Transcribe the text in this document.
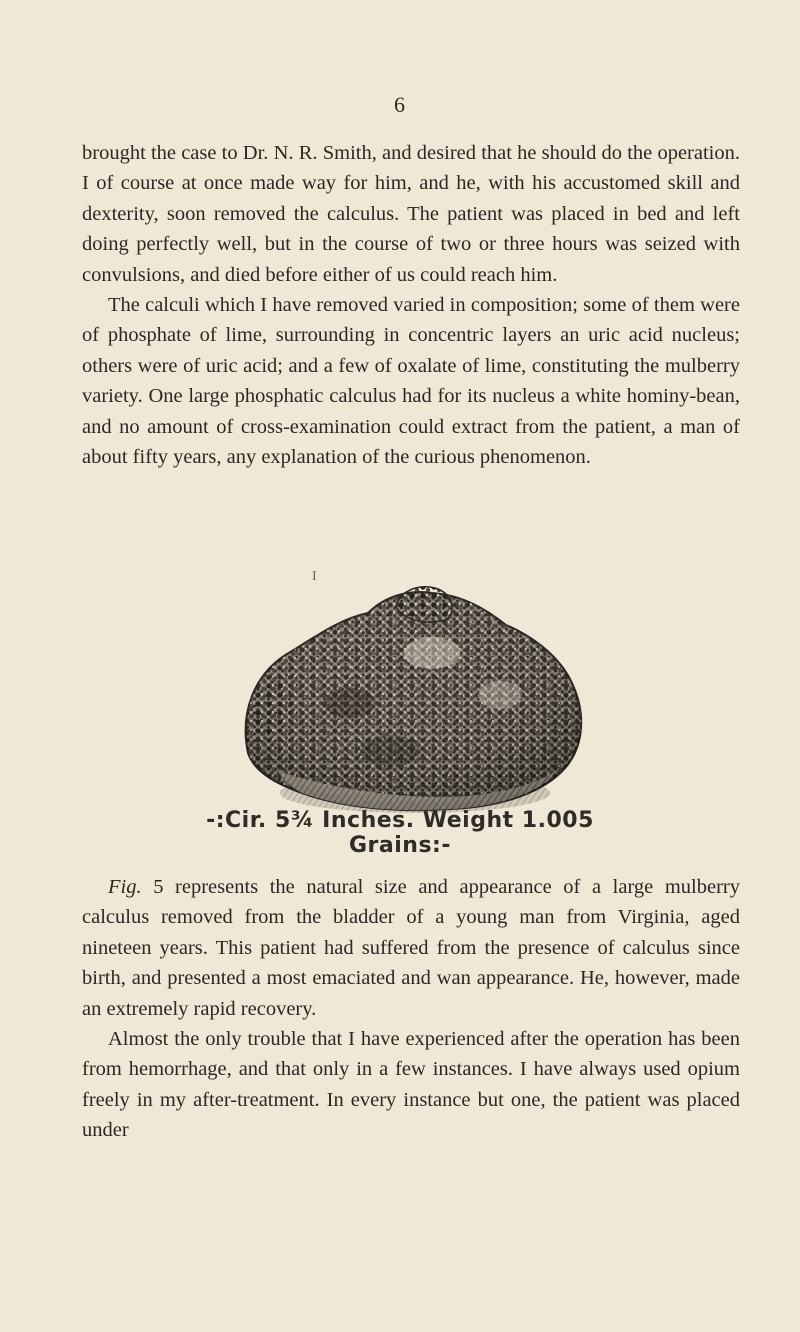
6

brought the case to Dr. N. R. Smith, and desired that he should do the operation. I of course at once made way for him, and he, with his accustomed skill and dexterity, soon removed the calculus. The patient was placed in bed and left doing perfectly well, but in the course of two or three hours was seized with convulsions, and died before either of us could reach him.

The calculi which I have removed varied in composition; some of them were of phosphate of lime, surrounding in concentric layers an uric acid nucleus; others were of uric acid; and a few of oxalate of lime, constituting the mulberry variety. One large phosphatic calculus had for its nucleus a white hominy-bean, and no amount of cross-examination could extract from the patient, a man of about fifty years, any explanation of the curious phenomenon.

I
-:Cir. 5¾ Inches. Weight 1.005 Grains:-

Fig. 5 represents the natural size and appearance of a large mulberry calculus removed from the bladder of a young man from Virginia, aged nineteen years. This patient had suffered from the presence of calculus since birth, and presented a most emaciated and wan appearance. He, however, made an extremely rapid recovery.

Almost the only trouble that I have experienced after the operation has been from hemorrhage, and that only in a few instances. I have always used opium freely in my after-treatment. In every instance but one, the patient was placed under
